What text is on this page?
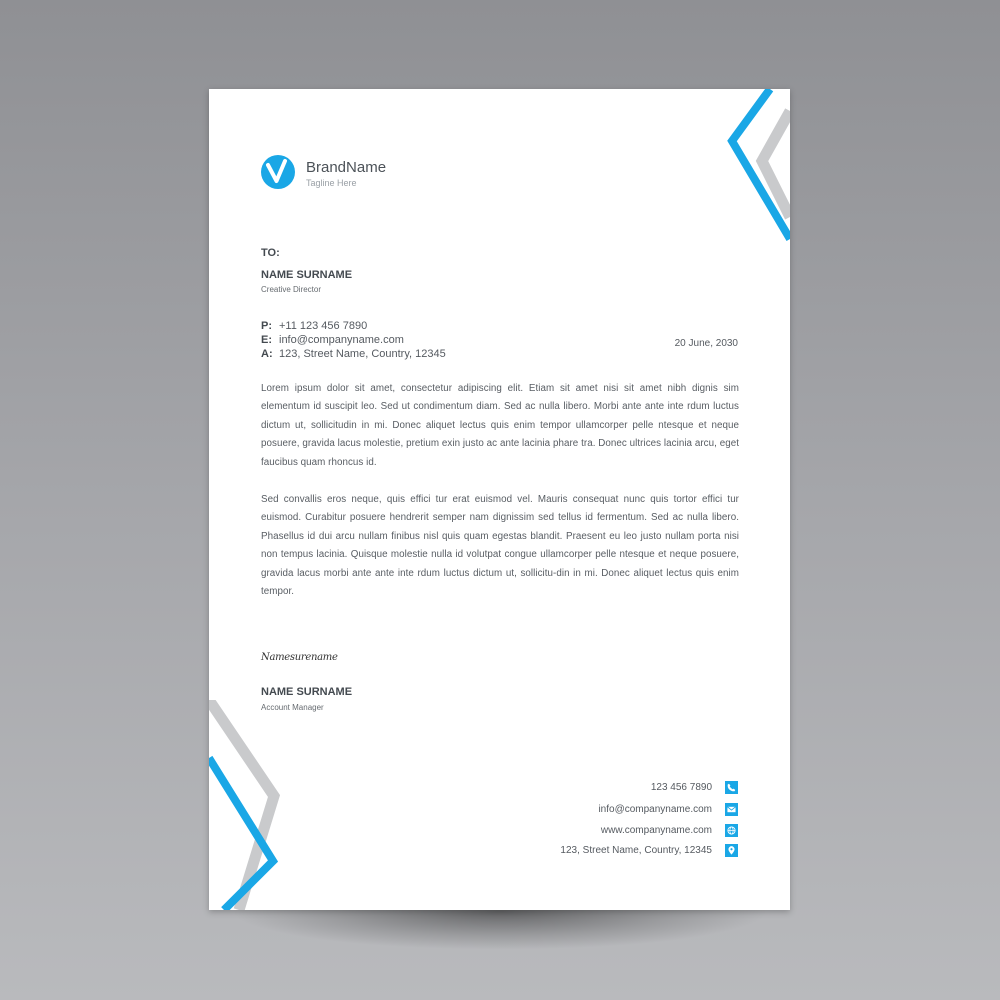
BrandName
Tagline Here
TO:
NAME SURNAME
Creative Director
P: +11 123 456 7890
E: info@companyname.com
A: 123, Street Name, Country, 12345
20 June, 2030
Lorem ipsum dolor sit amet, consectetur adipiscing elit. Etiam sit amet nisi sit amet nibh dignis sim elementum id suscipit leo. Sed ut condimentum diam. Sed ac nulla libero. Morbi ante ante inte rdum luctus dictum ut, sollicitudin in mi. Donec aliquet lectus quis enim tempor ullamcorper pelle ntesque et neque posuere, gravida lacus molestie, pretium exin justo ac ante lacinia phare tra. Donec ultrices lacinia arcu, eget faucibus quam rhoncus id.
Sed convallis eros neque, quis effici tur erat euismod vel. Mauris consequat nunc quis tortor effici tur euismod. Curabitur posuere hendrerit semper nam dignissim sed tellus id fermentum. Sed ac nulla libero. Phasellus id dui arcu nullam finibus nisl quis quam egestas blandit. Praesent eu leo justo nullam porta nisi non tempus lacinia. Quisque molestie nulla id volutpat congue ullamcorper pelle ntesque et neque posuere, gravida lacus morbi ante ante inte rdum luctus dictum ut, sollicitu-din in mi. Donec aliquet lectus quis enim tempor.
Namesurename
NAME SURNAME
Account Manager
123 456 7890
info@companyname.com
www.companyname.com
123, Street Name, Country, 12345
